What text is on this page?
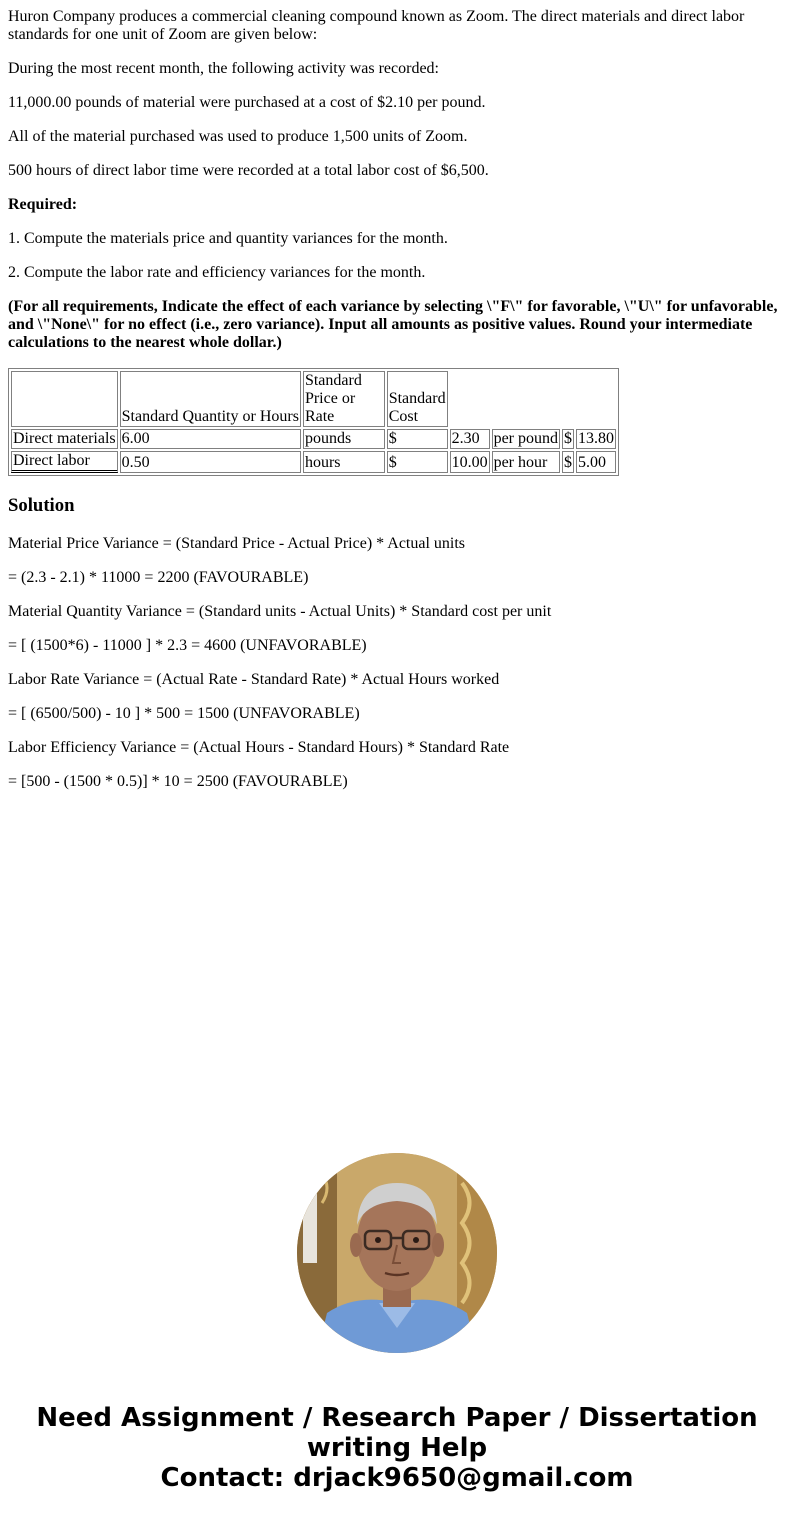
Huron Company produces a commercial cleaning compound known as Zoom. The direct materials and direct labor standards for one unit of Zoom are given below:

During the most recent month, the following activity was recorded:

11,000.00 pounds of material were purchased at a cost of $2.10 per pound.

All of the material purchased was used to produce 1,500 units of Zoom.

500 hours of direct labor time were recorded at a total labor cost of $6,500.

Required:

1. Compute the materials price and quantity variances for the month.

2. Compute the labor rate and efficiency variances for the month.

(For all requirements, Indicate the effect of each variance by selecting \"F\" for favorable, \"U\" for unfavorable, and \"None\" for no effect (i.e., zero variance). Input all amounts as positive values. Round your intermediate calculations to the nearest whole dollar.)

	Standard Quantity or Hours	Standard Price or Rate	Standard Cost				
Direct materials	6.00	pounds	$	2.30	per pound	$	13.80
Direct labor	0.50	hours	$	10.00	per hour	$	5.00
Solution

Material Price Variance = (Standard Price - Actual Price) * Actual units

= (2.3 - 2.1) * 11000 = 2200 (FAVOURABLE)

Material Quantity Variance = (Standard units - Actual Units) * Standard cost per unit

= [ (1500*6) - 11000 ] * 2.3 = 4600 (UNFAVORABLE)

Labor Rate Variance = (Actual Rate - Standard Rate) * Actual Hours worked

= [ (6500/500) - 10 ] * 500 = 1500 (UNFAVORABLE)

Labor Efficiency Variance = (Actual Hours - Standard Hours) * Standard Rate

= [500 - (1500 * 0.5)] * 10 = 2500 (FAVOURABLE)

Need Assignment / Research Paper / Dissertation
writing Help
Contact: drjack9650@gmail.com
